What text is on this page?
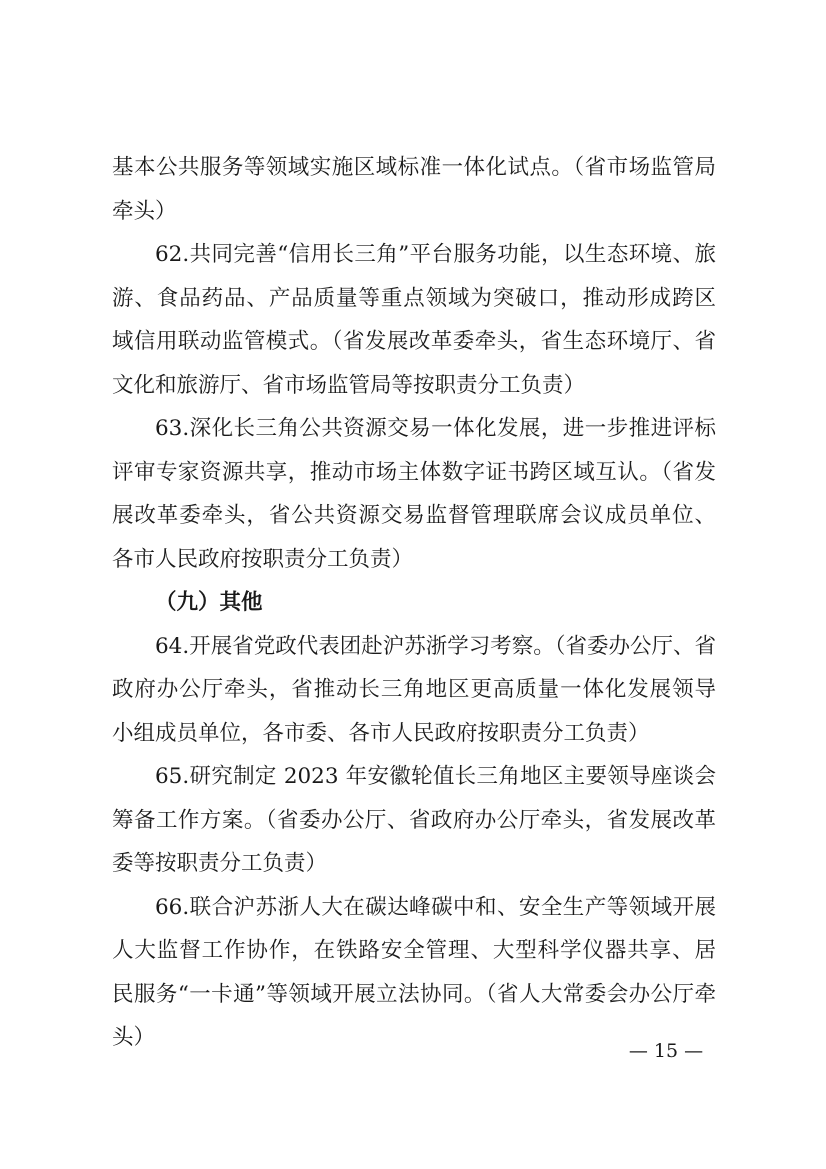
基本公共服务等领域实施区域标准一体化试点。（省市场监管局
牵头）
62.共同完善“信用长三角”平台服务功能，以生态环境、旅
游、食品药品、产品质量等重点领域为突破口，推动形成跨区
域信用联动监管模式。（省发展改革委牵头，省生态环境厅、省
文化和旅游厅、省市场监管局等按职责分工负责）
63.深化长三角公共资源交易一体化发展，进一步推进评标
评审专家资源共享，推动市场主体数字证书跨区域互认。（省发
展改革委牵头，省公共资源交易监督管理联席会议成员单位、
各市人民政府按职责分工负责）
（九）其他
64.开展省党政代表团赴沪苏浙学习考察。（省委办公厅、省
政府办公厅牵头，省推动长三角地区更高质量一体化发展领导
小组成员单位，各市委、各市人民政府按职责分工负责）
65.研究制定 2023 年安徽轮值长三角地区主要领导座谈会
筹备工作方案。（省委办公厅、省政府办公厅牵头，省发展改革
委等按职责分工负责）
66.联合沪苏浙人大在碳达峰碳中和、安全生产等领域开展
人大监督工作协作，在铁路安全管理、大型科学仪器共享、居
民服务“一卡通”等领域开展立法协同。（省人大常委会办公厅牵
头）
— 15 —
